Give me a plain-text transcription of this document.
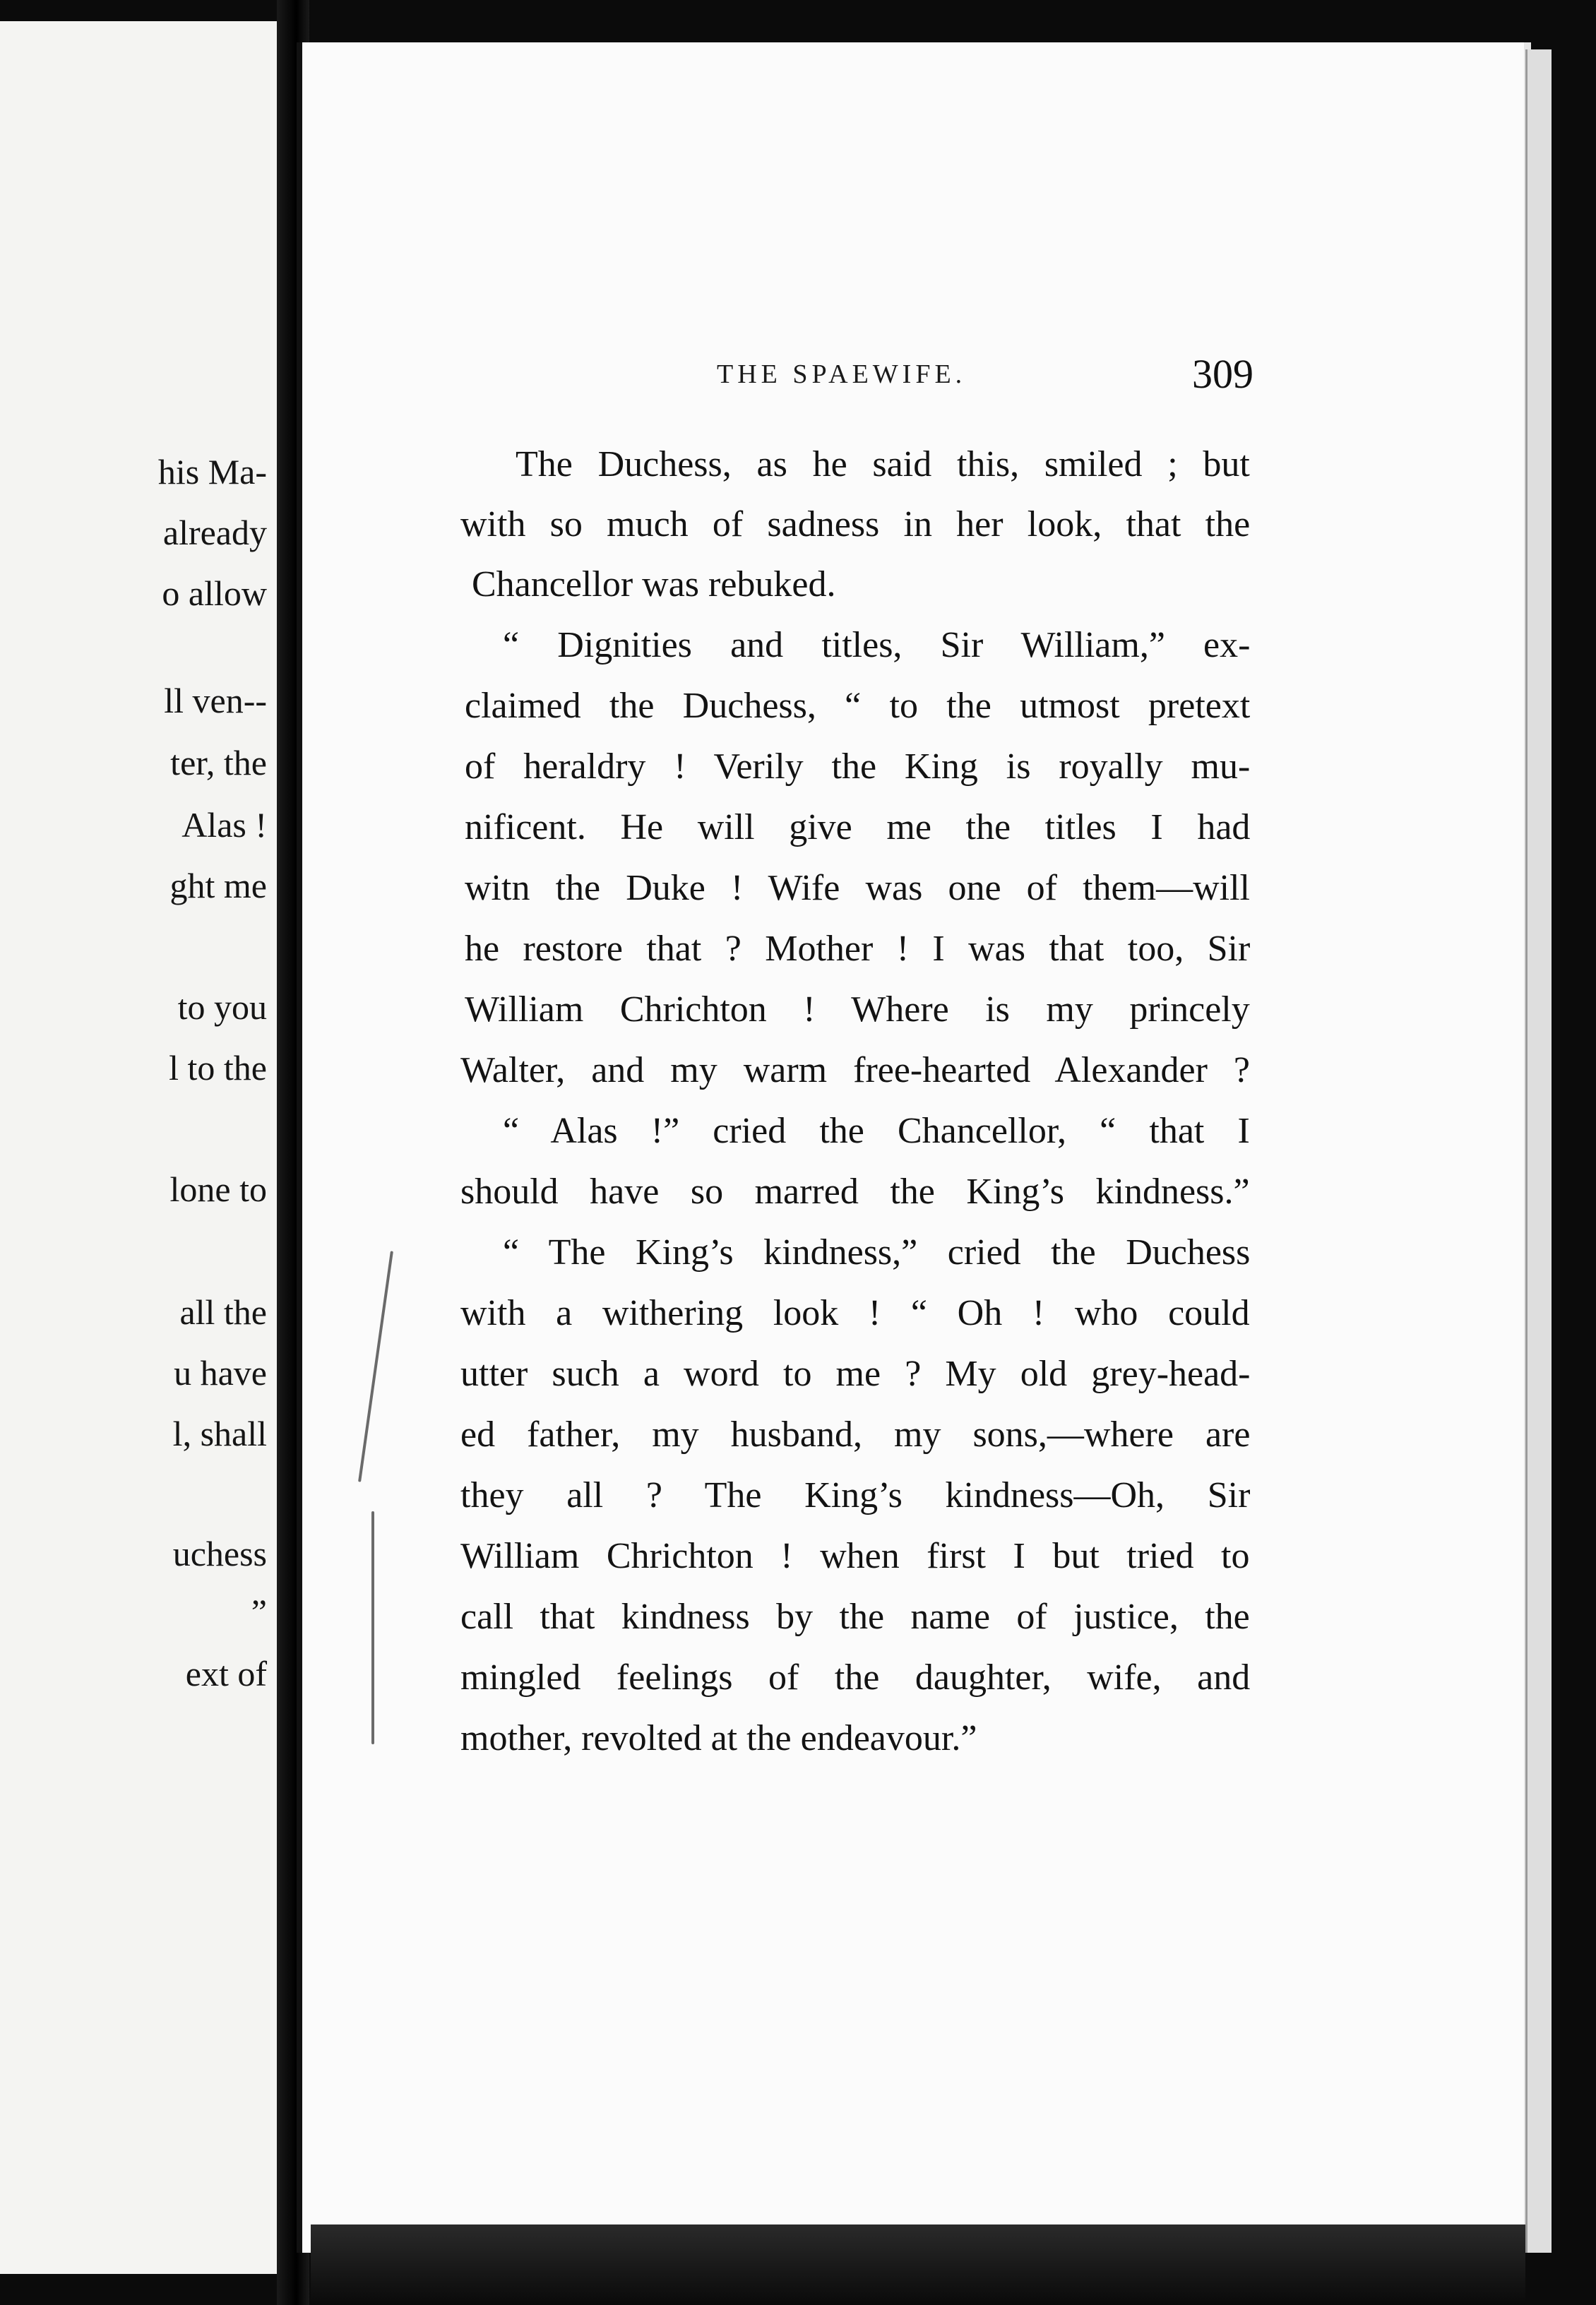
his Ma-
already
o allow
ll ven--
ter, the
Alas !
ght me
to you
l to the
lone to
all the
u have
l, shall
uchess
”
ext of
THE SPAEWIFE.	309
The Duchess, as he said this, smiled ; but
with so much of sadness in her look, that the
Chancellor was rebuked.
“ Dignities and titles, Sir William,” ex-
claimed the Duchess, “ to the utmost pretext
of heraldry ! Verily the King is royally mu-
nificent. He will give me the titles I had
witn the Duke ! Wife was one of them—will
he restore that ? Mother ! I was that too, Sir
William Chrichton ! Where is my princely
Walter, and my warm free-hearted Alexander ?
“ Alas !” cried the Chancellor, “ that I
should have so marred the King’s kindness.”
“ The King’s kindness,” cried the Duchess
with a withering look ! “ Oh ! who could
utter such a word to me ? My old grey-head-
ed father, my husband, my sons,—where are
they all ? The King’s kindness—Oh, Sir
William Chrichton ! when first I but tried to
call that kindness by the name of justice, the
mingled feelings of the daughter, wife, and
mother, revolted at the endeavour.”
